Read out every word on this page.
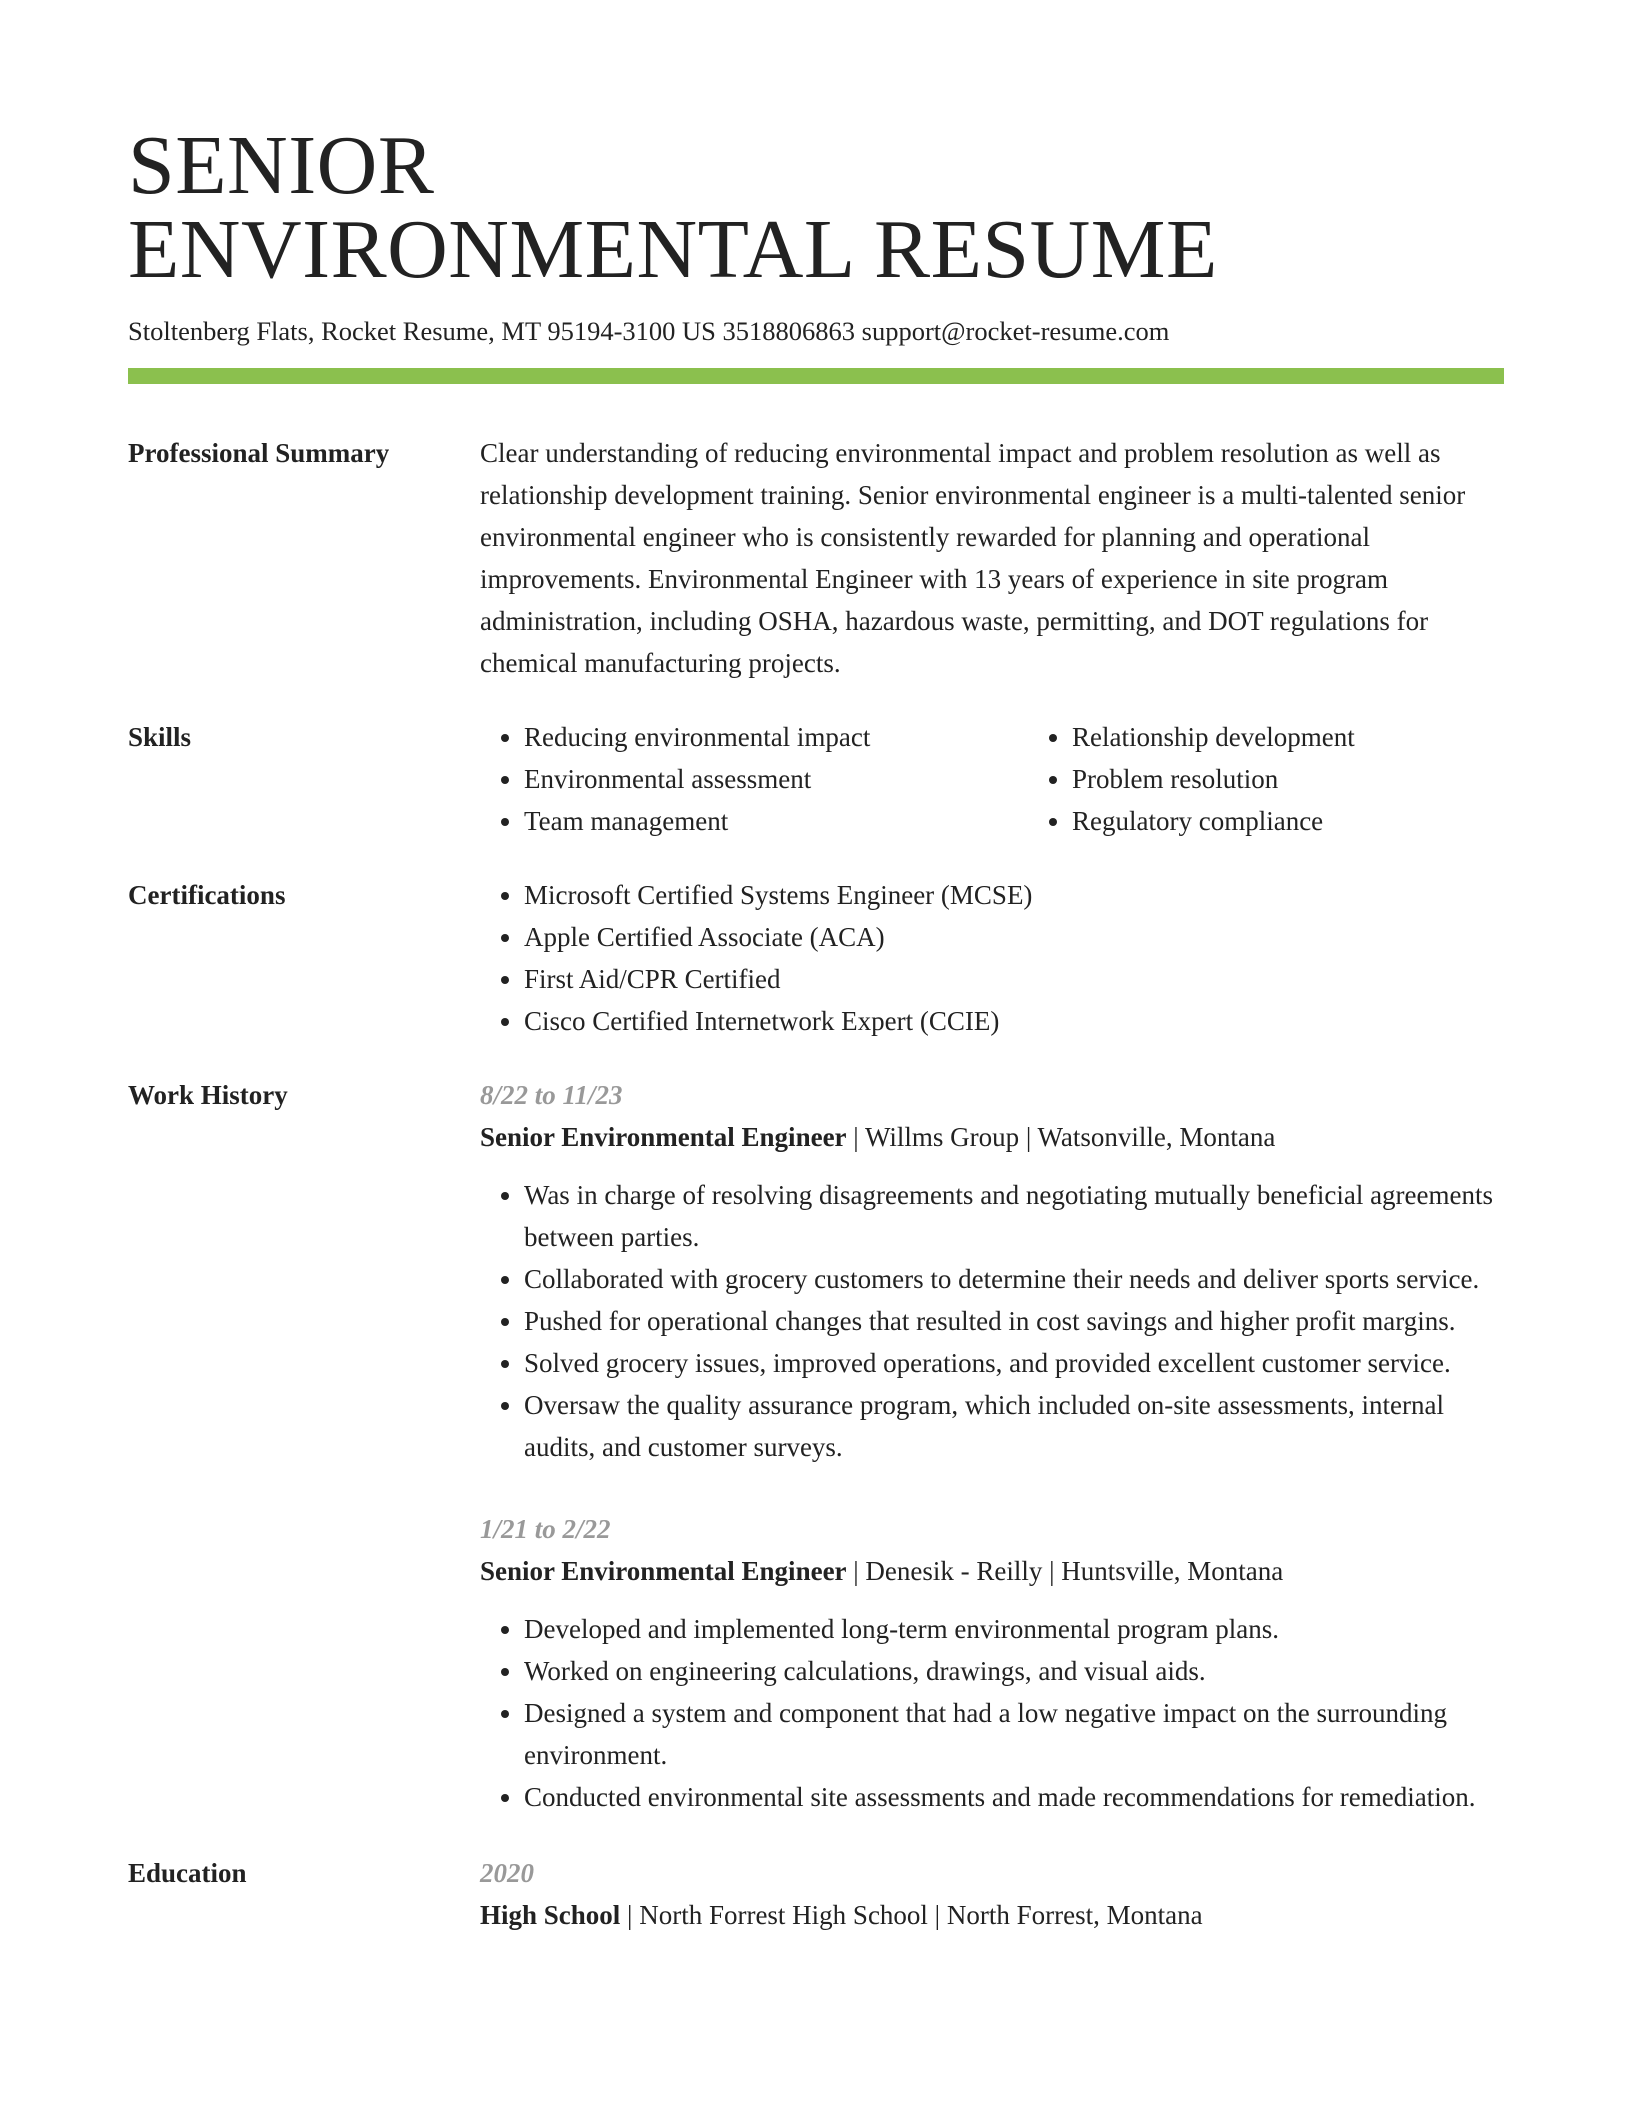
SENIOR
ENVIRONMENTAL RESUME
Stoltenberg Flats, Rocket Resume, MT 95194-3100 US 3518806863 support@rocket-resume.com
Professional Summary	Clear understanding of reducing environmental impact and problem resolution as well as relationship development training. Senior environmental engineer is a multi-talented senior environmental engineer who is consistently rewarded for planning and operational improvements. Environmental Engineer with 13 years of experience in site program administration, including OSHA, hazardous waste, permitting, and DOT regulations for chemical manufacturing projects.
Skills	• Reducing environmental impact
• Environmental assessment
• Team management
• Relationship development
• Problem resolution
• Regulatory compliance
Certifications	• Microsoft Certified Systems Engineer (MCSE)
• Apple Certified Associate (ACA)
• First Aid/CPR Certified
• Cisco Certified Internetwork Expert (CCIE)
Work History	8/22 to 11/23
Senior Environmental Engineer | Willms Group | Watsonville, Montana
• Was in charge of resolving disagreements and negotiating mutually beneficial agreements between parties.
• Collaborated with grocery customers to determine their needs and deliver sports service.
• Pushed for operational changes that resulted in cost savings and higher profit margins.
• Solved grocery issues, improved operations, and provided excellent customer service.
• Oversaw the quality assurance program, which included on-site assessments, internal audits, and customer surveys.
1/21 to 2/22
Senior Environmental Engineer | Denesik - Reilly | Huntsville, Montana
• Developed and implemented long-term environmental program plans.
• Worked on engineering calculations, drawings, and visual aids.
• Designed a system and component that had a low negative impact on the surrounding environment.
• Conducted environmental site assessments and made recommendations for remediation.
Education	2020
High School | North Forrest High School | North Forrest, Montana
